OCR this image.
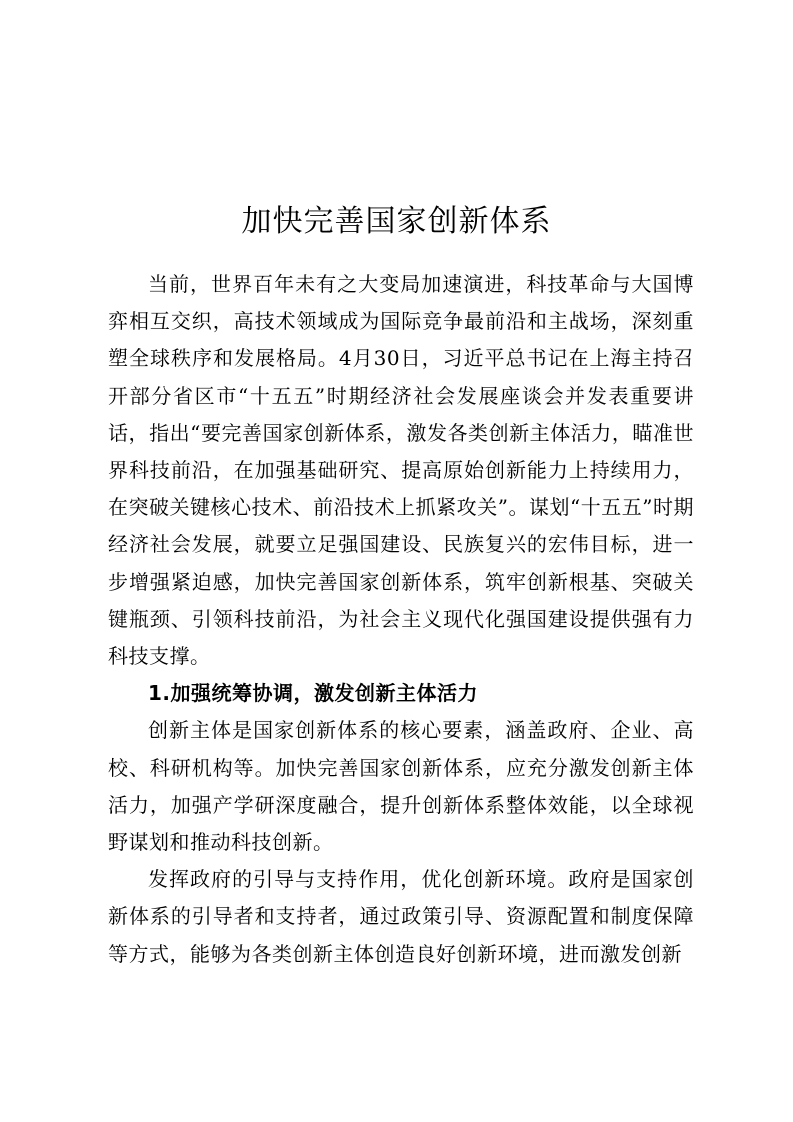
加快完善国家创新体系

当前，世界百年未有之大变局加速演进，科技革命与大国博弈相互交织，高技术领域成为国际竞争最前沿和主战场，深刻重塑全球秩序和发展格局。4月30日，习近平总书记在上海主持召开部分省区市“十五五”时期经济社会发展座谈会并发表重要讲话，指出“要完善国家创新体系，激发各类创新主体活力，瞄准世界科技前沿，在加强基础研究、提高原始创新能力上持续用力，在突破关键核心技术、前沿技术上抓紧攻关”。谋划“十五五”时期经济社会发展，就要立足强国建设、民族复兴的宏伟目标，进一步增强紧迫感，加快完善国家创新体系，筑牢创新根基、突破关键瓶颈、引领科技前沿，为社会主义现代化强国建设提供强有力科技支撑。

1.加强统筹协调，激发创新主体活力

创新主体是国家创新体系的核心要素，涵盖政府、企业、高校、科研机构等。加快完善国家创新体系，应充分激发创新主体活力，加强产学研深度融合，提升创新体系整体效能，以全球视野谋划和推动科技创新。

发挥政府的引导与支持作用，优化创新环境。政府是国家创新体系的引导者和支持者，通过政策引导、资源配置和制度保障等方式，能够为各类创新主体创造良好创新环境，进而激发创新
